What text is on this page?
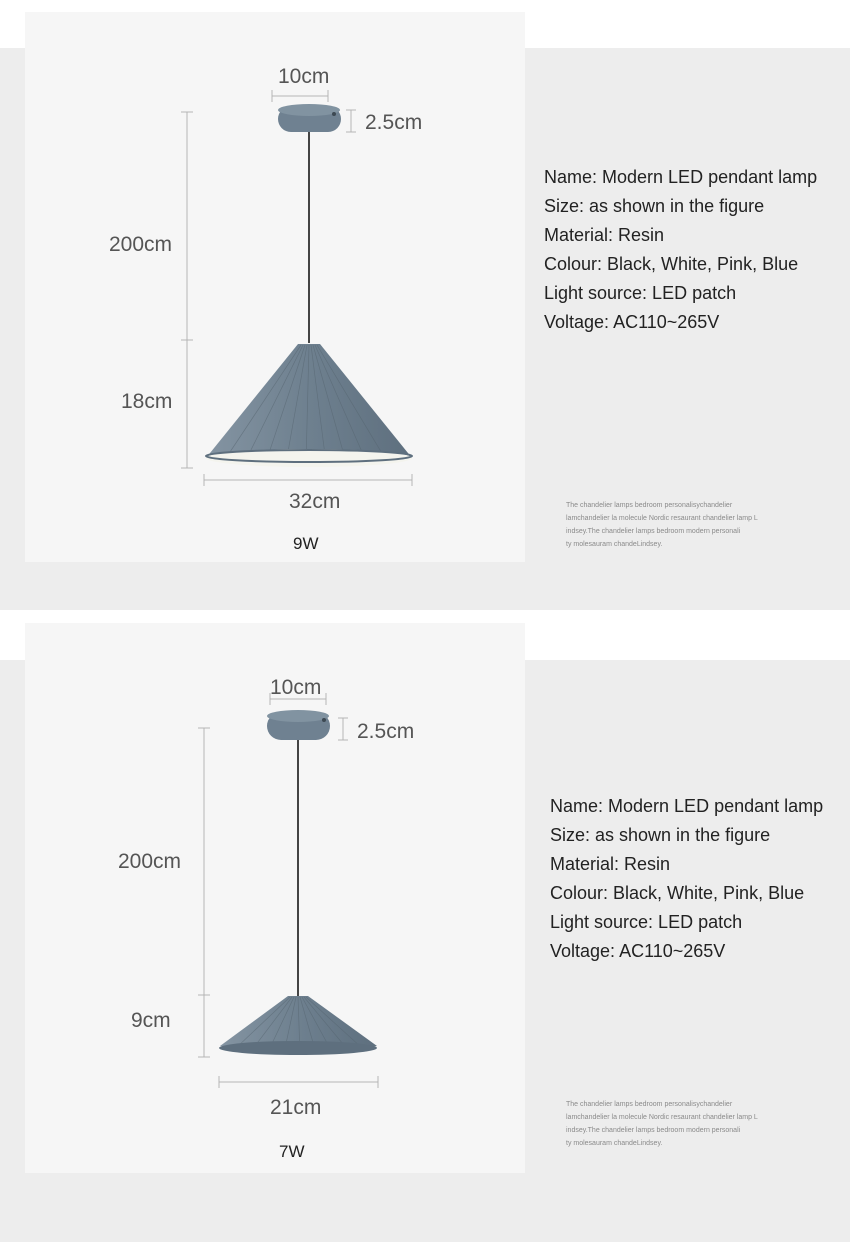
10cm
2.5cm
200cm
18cm
32cm
9W
Name: Modern LED pendant lamp
Size: as shown in the figure
Material: Resin
Colour: Black, White, Pink, Blue
Light source: LED patch
Voltage: AC110~265V
The chandelier lamps bedroom personalisychandelier
lamchandelier la molecule Nordic resaurant chandelier lamp L
indsey.The chandelier lamps bedroom modern personali
ty molesauram chandeLindsey.
10cm
2.5cm
200cm
9cm
21cm
7W
Name: Modern LED pendant lamp
Size: as shown in the figure
Material: Resin
Colour: Black, White, Pink, Blue
Light source: LED patch
Voltage: AC110~265V
The chandelier lamps bedroom personalisychandelier
lamchandelier la molecule Nordic resaurant chandelier lamp L
indsey.The chandelier lamps bedroom modern personali
ty molesauram chandeLindsey.
